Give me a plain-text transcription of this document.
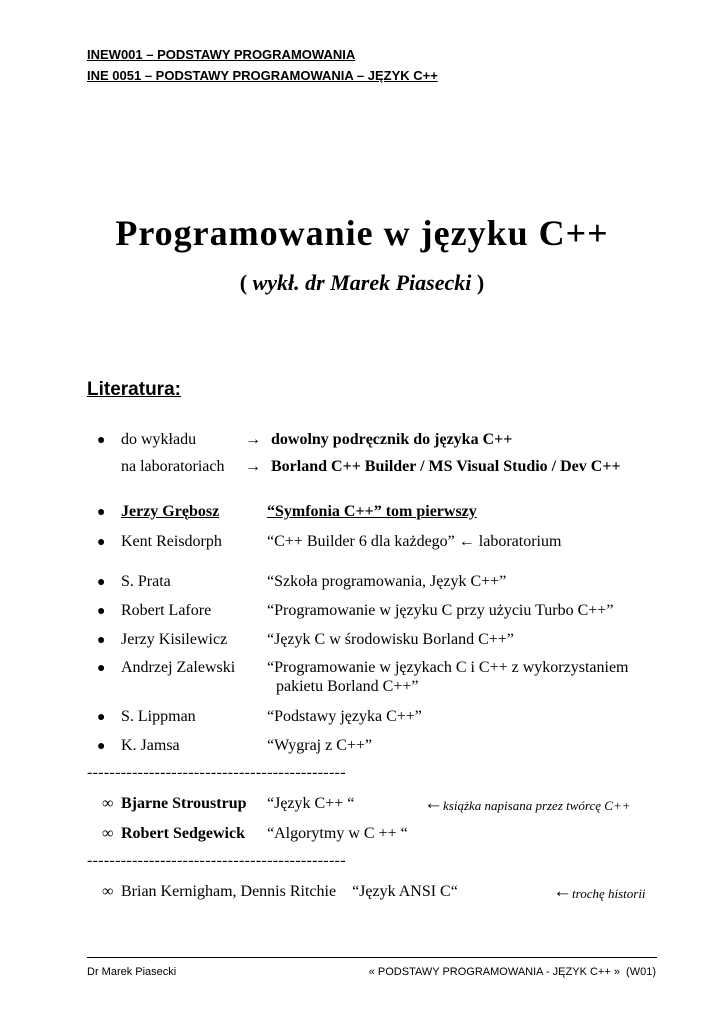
INEW001 – PODSTAWY PROGRAMOWANIA
INE 0051 – PODSTAWY PROGRAMOWANIA – JĘZYK C++
Programowanie w języku C++
( wykł. dr Marek Piasecki )
Literatura:
● do wykładu	→ dowolny podręcznik do języka C++
na laboratoriach → Borland C++ Builder / MS Visual Studio / Dev C++
● Jerzy Grębosz
	“Symfonia C++” tom pierwszy
● Kent Reisdorph	“C++ Builder 6 dla każdego” ← laboratorium
● S. Prata	“Szkoła programowania, Język C++”
● Robert Lafore	“Programowanie w języku C przy użyciu Turbo C++”
● Jerzy Kisilewicz “Język C w środowisku Borland C++”
● Andrzej Zalewski “Programowanie w językach C i C++ z wykorzystaniem
pakietu Borland C++”
● S. Lippman	“Podstawy języka C++”
● K. Jamsa	“Wygraj z C++”
----------------------------------------------
∞ Bjarne Stroustrup “Język C++ “	← książka napisana przez twórcę C++
∞ Robert Sedgewick “Algorytmy w C ++ “
----------------------------------------------
∞ Brian Kernigham, Dennis Ritchie    “Język ANSI C“	← trochę historii
Dr Marek Piasecki	« PODSTAWY PROGRAMOWANIA - JĘZYK C++ »  (W01)
